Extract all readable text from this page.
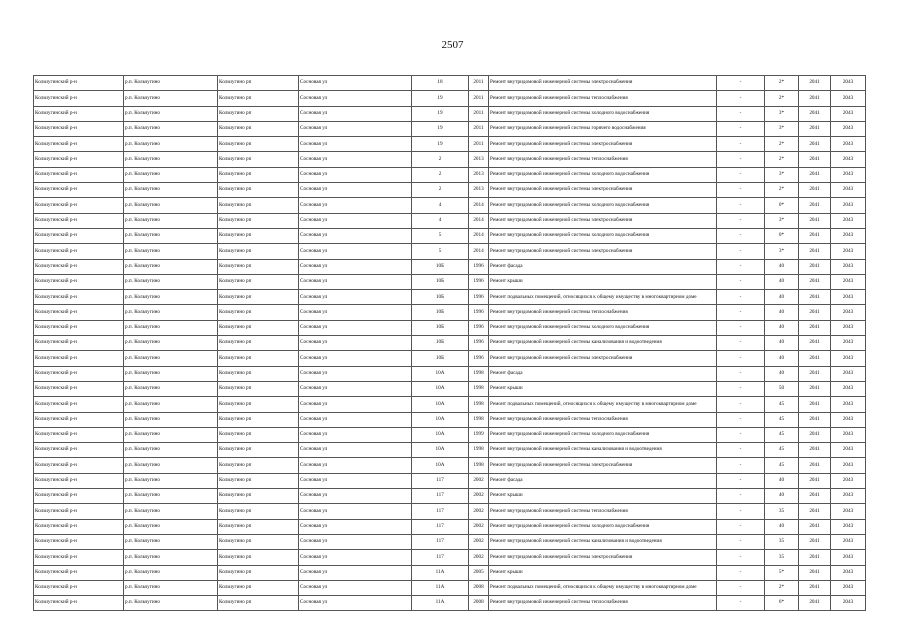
2507
Кольчугинский р-н	р.п. Кольчугино	Кольчугино рп	Сосновая ул	18	2011	Ремонт внутридомовой инженерной системы электроснабжения	-	2*	2041	2043
Кольчугинский р-н	р.п. Кольчугино	Кольчугино рп	Сосновая ул	19	2011	Ремонт внутридомовой инженерной системы теплоснабжения	-	2*	2041	2043
Кольчугинский р-н	р.п. Кольчугино	Кольчугино рп	Сосновая ул	19	2011	Ремонт внутридомовой инженерной системы холодного водоснабжения	-	3*	2041	2043
Кольчугинский р-н	р.п. Кольчугино	Кольчугино рп	Сосновая ул	19	2011	Ремонт внутридомовой инженерной системы горячего водоснабжения	-	3*	2041	2043
Кольчугинский р-н	р.п. Кольчугино	Кольчугино рп	Сосновая ул	19	2011	Ремонт внутридомовой инженерной системы электроснабжения	-	2*	2041	2043
Кольчугинский р-н	р.п. Кольчугино	Кольчугино рп	Сосновая ул	2	2013	Ремонт внутридомовой инженерной системы теплоснабжения	-	2*	2041	2043
Кольчугинский р-н	р.п. Кольчугино	Кольчугино рп	Сосновая ул	2	2013	Ремонт внутридомовой инженерной системы холодного водоснабжения	-	3*	2041	2043
Кольчугинский р-н	р.п. Кольчугино	Кольчугино рп	Сосновая ул	2	2013	Ремонт внутридомовой инженерной системы электроснабжения	-	2*	2041	2043
Кольчугинский р-н	р.п. Кольчугино	Кольчугино рп	Сосновая ул	4	2014	Ремонт внутридомовой инженерной системы холодного водоснабжения	-	0*	2041	2043
Кольчугинский р-н	р.п. Кольчугино	Кольчугино рп	Сосновая ул	4	2014	Ремонт внутридомовой инженерной системы электроснабжения	-	3*	2041	2043
Кольчугинский р-н	р.п. Кольчугино	Кольчугино рп	Сосновая ул	5	2014	Ремонт внутридомовой инженерной системы холодного водоснабжения	-	0*	2041	2043
Кольчугинский р-н	р.п. Кольчугино	Кольчугино рп	Сосновая ул	5	2014	Ремонт внутридомовой инженерной системы электроснабжения	-	3*	2041	2043
Кольчугинский р-н	р.п. Кольчугино	Кольчугино рп	Сосновая ул	10Б	1996	Ремонт фасада	-	40	2041	2043
Кольчугинский р-н	р.п. Кольчугино	Кольчугино рп	Сосновая ул	10Б	1996	Ремонт крыши	-	40	2041	2043
Кольчугинский р-н	р.п. Кольчугино	Кольчугино рп	Сосновая ул	10Б	1996	Ремонт подвальных помещений, относящихся к общему имуществу в многоквартирном доме	-	40	2041	2043
Кольчугинский р-н	р.п. Кольчугино	Кольчугино рп	Сосновая ул	10Б	1996	Ремонт внутридомовой инженерной системы теплоснабжения	-	40	2041	2043
Кольчугинский р-н	р.п. Кольчугино	Кольчугино рп	Сосновая ул	10Б	1996	Ремонт внутридомовой инженерной системы холодного водоснабжения	-	40	2041	2043
Кольчугинский р-н	р.п. Кольчугино	Кольчугино рп	Сосновая ул	10Б	1996	Ремонт внутридомовой инженерной системы канализования и водоотведения	-	40	2041	2043
Кольчугинский р-н	р.п. Кольчугино	Кольчугино рп	Сосновая ул	10Б	1996	Ремонт внутридомовой инженерной системы электроснабжения	-	40	2041	2043
Кольчугинский р-н	р.п. Кольчугино	Кольчугино рп	Сосновая ул	10А	1998	Ремонт фасада	-	40	2041	2043
Кольчугинский р-н	р.п. Кольчугино	Кольчугино рп	Сосновая ул	10А	1998	Ремонт крыши	-	50	2041	2043
Кольчугинский р-н	р.п. Кольчугино	Кольчугино рп	Сосновая ул	10А	1998	Ремонт подвальных помещений, относящихся к общему имуществу в многоквартирном доме	-	45	2041	2043
Кольчугинский р-н	р.п. Кольчугино	Кольчугино рп	Сосновая ул	10А	1998	Ремонт внутридомовой инженерной системы теплоснабжения	-	45	2041	2043
Кольчугинский р-н	р.п. Кольчугино	Кольчугино рп	Сосновая ул	10А	1999	Ремонт внутридомовой инженерной системы холодного водоснабжения	-	45	2041	2043
Кольчугинский р-н	р.п. Кольчугино	Кольчугино рп	Сосновая ул	10А	1998	Ремонт внутридомовой инженерной системы канализования и водоотведения	-	45	2041	2043
Кольчугинский р-н	р.п. Кольчугино	Кольчугино рп	Сосновая ул	10А	1998	Ремонт внутридомовой инженерной системы электроснабжения	-	45	2041	2043
Кольчугинский р-н	р.п. Кольчугино	Кольчугино рп	Сосновая ул	117	2002	Ремонт фасада	-	40	2041	2043
Кольчугинский р-н	р.п. Кольчугино	Кольчугино рп	Сосновая ул	117	2002	Ремонт крыши	-	40	2041	2043
Кольчугинский р-н	р.п. Кольчугино	Кольчугино рп	Сосновая ул	117	2002	Ремонт внутридомовой инженерной системы теплоснабжения	-	35	2041	2043
Кольчугинский р-н	р.п. Кольчугино	Кольчугино рп	Сосновая ул	117	2002	Ремонт внутридомовой инженерной системы холодного водоснабжения	-	40	2041	2043
Кольчугинский р-н	р.п. Кольчугино	Кольчугино рп	Сосновая ул	117	2002	Ремонт внутридомовой инженерной системы канализования и водоотведения	-	35	2041	2043
Кольчугинский р-н	р.п. Кольчугино	Кольчугино рп	Сосновая ул	117	2002	Ремонт внутридомовой инженерной системы электроснабжения	-	35	2041	2043
Кольчугинский р-н	р.п. Кольчугино	Кольчугино рп	Сосновая ул	11А	2005	Ремонт крыши	-	5*	2041	2043
Кольчугинский р-н	р.п. Кольчугино	Кольчугино рп	Сосновая ул	11А	2008	Ремонт подвальных помещений, относящихся к общему имуществу в многоквартирном доме	-	2*	2041	2043
Кольчугинский р-н	р.п. Кольчугино	Кольчугино рп	Сосновая ул	11А	2008	Ремонт внутридомовой инженерной системы теплоснабжения	-	6*	2041	2043
